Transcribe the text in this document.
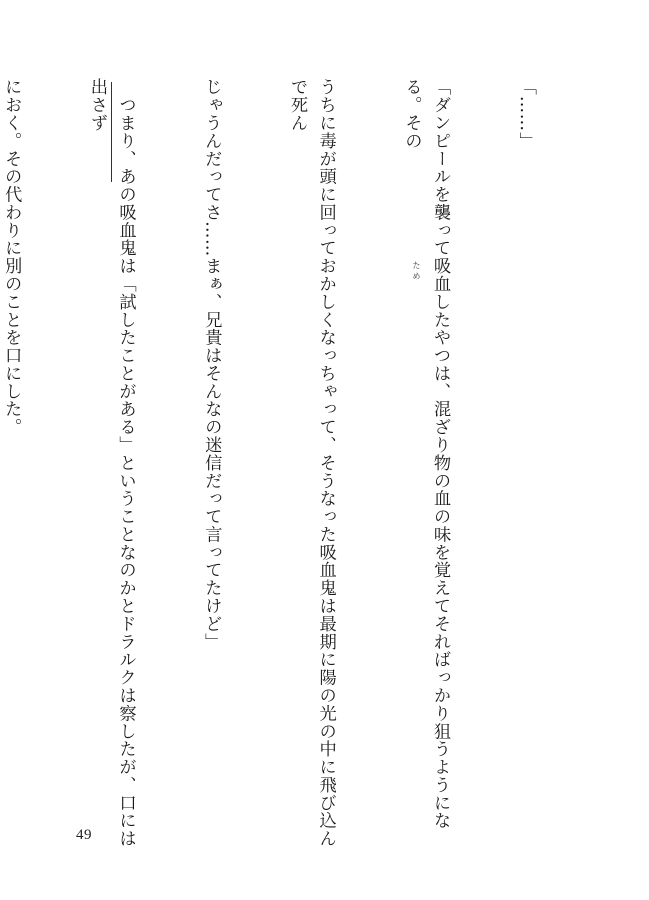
「……」

「ダンピールを襲って吸血したやつは、混ざり物の血の味を覚えてそればっかり狙うようになる。その

うちに毒が頭に回っておかしくなっちゃって、そうなった吸血鬼は最期に陽の光の中に飛び込んで死ん

じゃうんだってさ……まぁ、兄貴はそんなの迷信だって言ってたけど」

　つまり、あの吸血鬼は「試したことがある」ということなのかとドラルクは察したが、口には出さず

におく。その代わりに別のことを口にした。

	ため
49
